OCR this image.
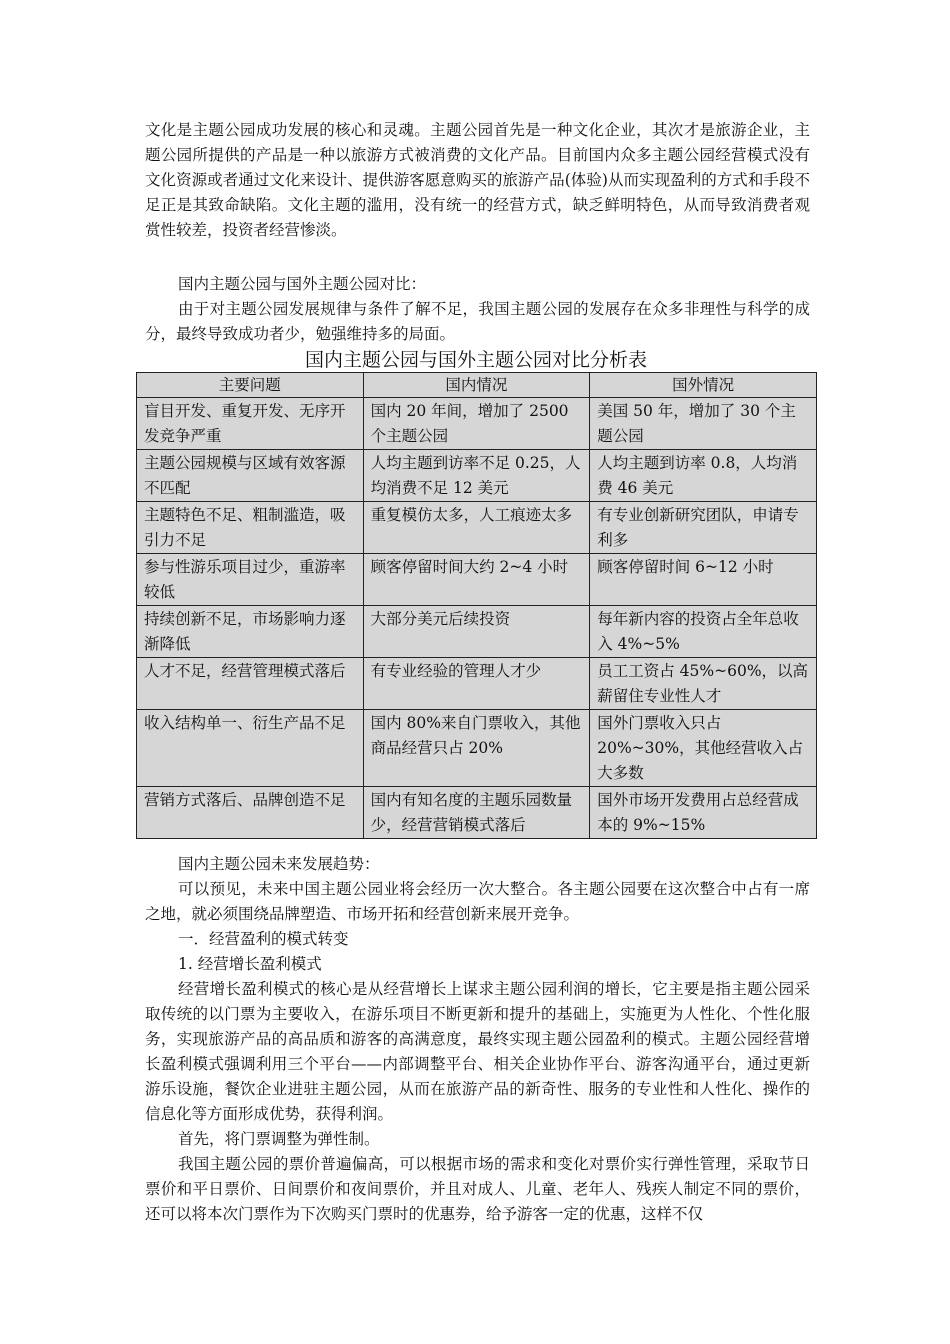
文化是主题公园成功发展的核心和灵魂。主题公园首先是一种文化企业，其次才是旅游企业，主题公园所提供的产品是一种以旅游方式被消费的文化产品。目前国内众多主题公园经营模式没有文化资源或者通过文化来设计、提供游客愿意购买的旅游产品(体验)从而实现盈利的方式和手段不足正是其致命缺陷。文化主题的滥用，没有统一的经营方式，缺乏鲜明特色，从而导致消费者观赏性较差，投资者经营惨淡。

国内主题公园与国外主题公园对比：

由于对主题公园发展规律与条件了解不足，我国主题公园的发展存在众多非理性与科学的成分，最终导致成功者少，勉强维持多的局面。

国内主题公园与国外主题公园对比分析表
主要问题	国内情况	国外情况
盲目开发、重复开发、无序开发竞争严重	国内 20 年间，增加了 2500 个主题公园	美国 50 年，增加了 30 个主题公园
主题公园规模与区域有效客源不匹配	人均主题到访率不足 0.25，人均消费不足 12 美元	人均主题到访率 0.8，人均消费 46 美元
主题特色不足、粗制滥造，吸引力不足	重复模仿太多，人工痕迹太多	有专业创新研究团队，申请专利多
参与性游乐项目过少，重游率较低	顾客停留时间大约 2~4 小时	顾客停留时间 6~12 小时
持续创新不足，市场影响力逐渐降低	大部分美元后续投资	每年新内容的投资占全年总收入 4%~5%
人才不足，经营管理模式落后	有专业经验的管理人才少	员工工资占 45%~60%，以高薪留住专业性人才
收入结构单一、衍生产品不足	国内 80%来自门票收入，其他商品经营只占 20%	国外门票收入只占 20%~30%，其他经营收入占大多数
营销方式落后、品牌创造不足	国内有知名度的主题乐园数量少，经营营销模式落后	国外市场开发费用占总经营成本的 9%~15%

国内主题公园未来发展趋势：

可以预见，未来中国主题公园业将会经历一次大整合。各主题公园要在这次整合中占有一席之地，就必须围绕品牌塑造、市场开拓和经营创新来展开竞争。

一．经营盈利的模式转变

1. 经营增长盈利模式

经营增长盈利模式的核心是从经营增长上谋求主题公园利润的增长，它主要是指主题公园采取传统的以门票为主要收入，在游乐项目不断更新和提升的基础上，实施更为人性化、个性化服务，实现旅游产品的高品质和游客的高满意度，最终实现主题公园盈利的模式。主题公园经营增长盈利模式强调利用三个平台——内部调整平台、相关企业协作平台、游客沟通平台，通过更新游乐设施，餐饮企业进驻主题公园，从而在旅游产品的新奇性、服务的专业性和人性化、操作的信息化等方面形成优势，获得利润。

首先，将门票调整为弹性制。

我国主题公园的票价普遍偏高，可以根据市场的需求和变化对票价实行弹性管理，采取节日票价和平日票价、日间票价和夜间票价，并且对成人、儿童、老年人、残疾人制定不同的票价，还可以将本次门票作为下次购买门票时的优惠券，给予游客一定的优惠，这样不仅
